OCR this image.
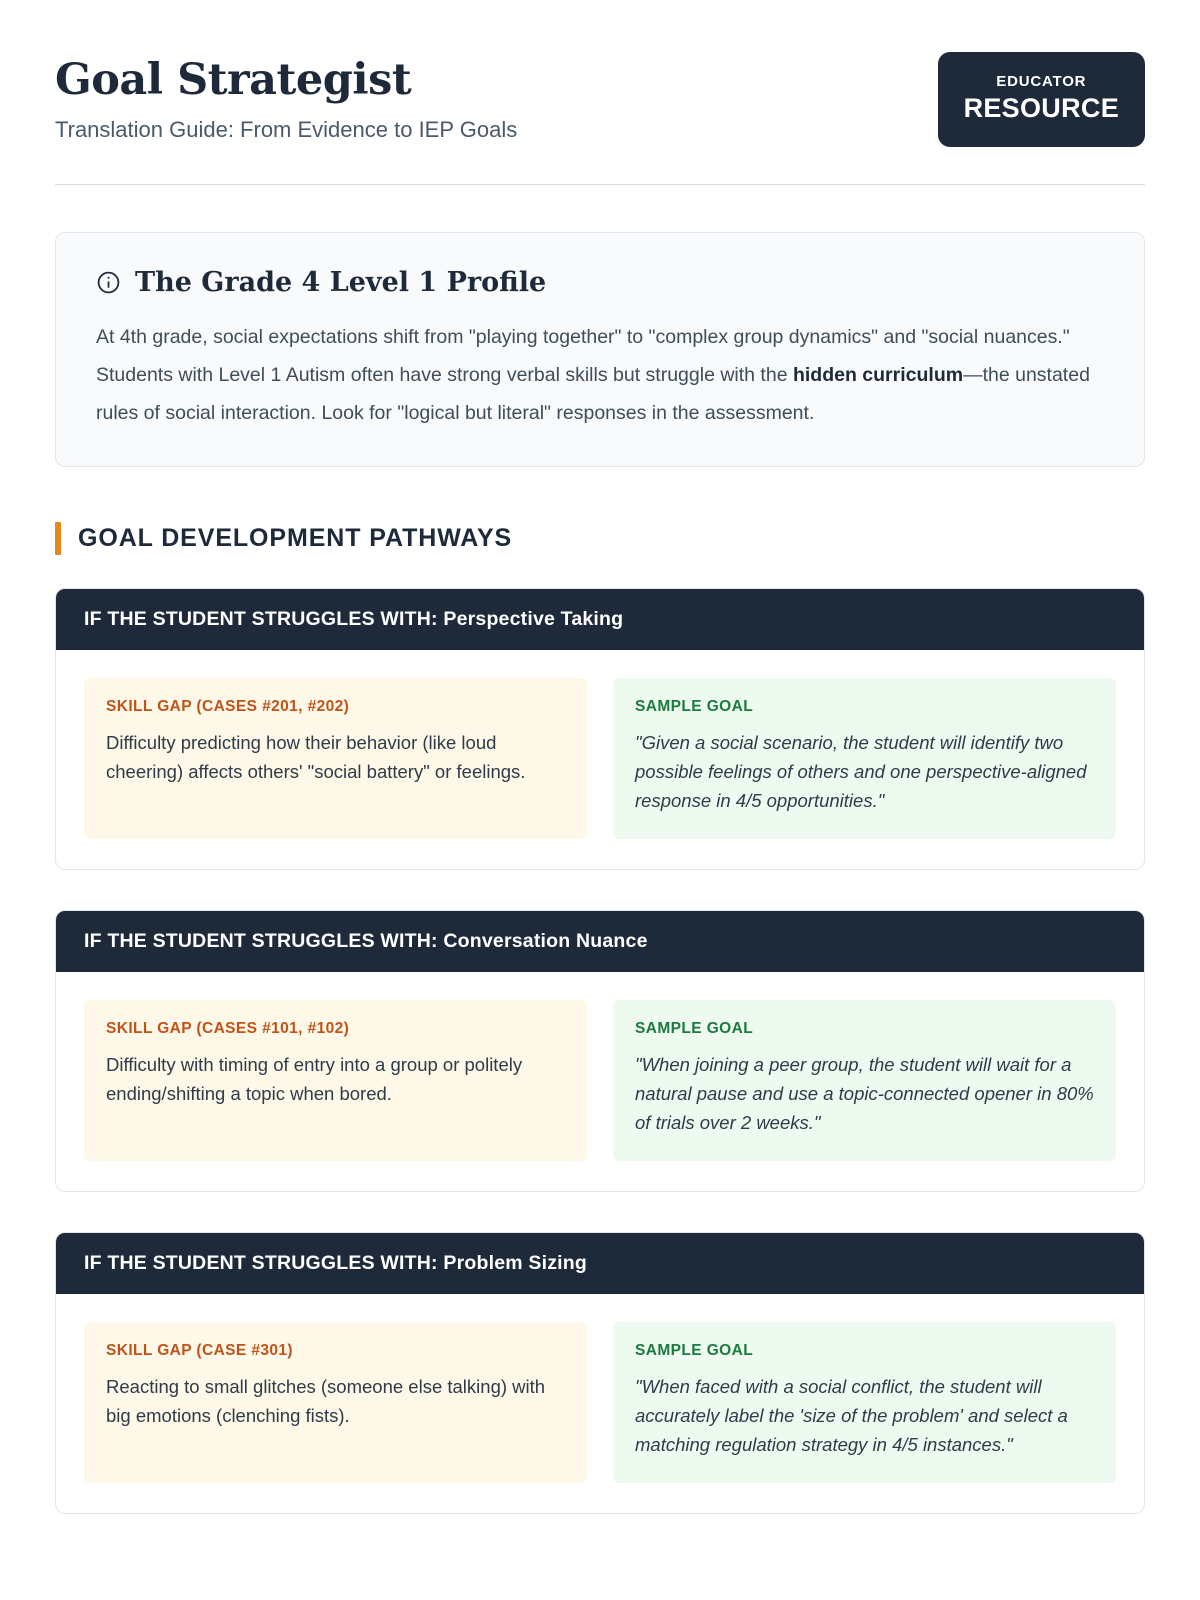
Goal Strategist

Translation Guide: From Evidence to IEP Goals

EDUCATOR
RESOURCE
The Grade 4 Level 1 Profile
At 4th grade, social expectations shift from "playing together" to "complex group dynamics" and "social nuances." Students with Level 1 Autism often have strong verbal skills but struggle with the hidden curriculum—the unstated rules of social interaction. Look for "logical but literal" responses in the assessment.
GOAL DEVELOPMENT PATHWAYS
IF THE STUDENT STRUGGLES WITH: Perspective Taking
SKILL GAP (CASES #201, #202)
Difficulty predicting how their behavior (like loud cheering) affects others' "social battery" or feelings.
SAMPLE GOAL
"Given a social scenario, the student will identify two possible feelings of others and one perspective-aligned response in 4/5 opportunities."
IF THE STUDENT STRUGGLES WITH: Conversation Nuance
SKILL GAP (CASES #101, #102)
Difficulty with timing of entry into a group or politely ending/shifting a topic when bored.
SAMPLE GOAL
"When joining a peer group, the student will wait for a natural pause and use a topic-connected opener in 80% of trials over 2 weeks."
IF THE STUDENT STRUGGLES WITH: Problem Sizing
SKILL GAP (CASE #301)
Reacting to small glitches (someone else talking) with big emotions (clenching fists).
SAMPLE GOAL
"When faced with a social conflict, the student will accurately label the 'size of the problem' and select a matching regulation strategy in 4/5 instances."
